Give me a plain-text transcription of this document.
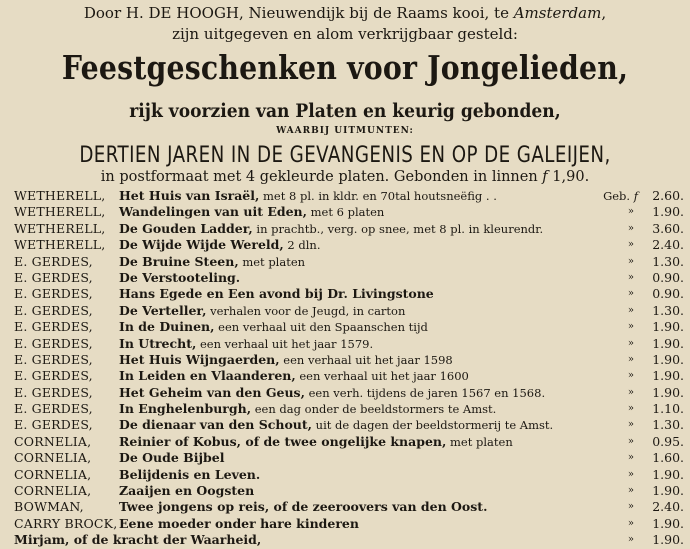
Door H. DE HOOGH, Nieuwendijk bij de Raams kooi, te Amsterdam,
zijn uitgegeven en alom verkrijgbaar gesteld:
Feestgeschenken voor Jongelieden,
rijk voorzien van Platen en keurig gebonden,
WAARBIJ UITMUNTEN:
DERTIEN JAREN IN DE GEVANGENIS EN OP DE GALEIJEN,
in postformaat met 4 gekleurde platen. Gebonden in linnen f 1,90.
WETHERELL, Het Huis van Israël, met 8 pl. in kldr. en 70tal houtsneëfig . .	Geb. f	2.60.
WETHERELL, Wandelingen van uit Eden, met 6 platen	»	1.90.
WETHERELL, De Gouden Ladder, in prachtb., verg. op snee, met 8 pl. in kleurendr.	»	3.60.
WETHERELL, De Wijde Wijde Wereld, 2 dln.	»	2.40.
E. GERDES, De Bruine Steen, met platen	»	1.30.
E. GERDES, De Verstooteling.	»	0.90.
E. GERDES, Hans Egede en Een avond bij Dr. Livingstone	»	0.90.
E. GERDES, De Verteller, verhalen voor de Jeugd, in carton	»	1.30.
E. GERDES, In de Duinen, een verhaal uit den Spaanschen tijd	»	1.90.
E. GERDES, In Utrecht, een verhaal uit het jaar 1579.	»	1.90.
E. GERDES, Het Huis Wijngaerden, een verhaal uit het jaar 1598	»	1.90.
E. GERDES, In Leiden en Vlaanderen, een verhaal uit het jaar 1600	»	1.90.
E. GERDES, Het Geheim van den Geus, een verh. tijdens de jaren 1567 en 1568.	»	1.90.
E. GERDES, In Enghelenburgh, een dag onder de beeldstormers te Amst.	»	1.10.
E. GERDES, De dienaar van den Schout, uit de dagen der beeldstormerij te Amst.	»	1.30.
CORNELIA, Reinier of Kobus, of de twee ongelijke knapen, met platen	»	0.95.
CORNELIA, De Oude Bijbel	»	1.60.
CORNELIA, Belijdenis en Leven.	»	1.90.
CORNELIA, Zaaijen en Oogsten	»	1.90.
BOWMAN,	Twee jongens op reis, of de zeeroovers van den Oost.	»	2.40.
CARRY BROCK, Eene moeder onder hare kinderen	»	1.90.
Mirjam, of de kracht der Waarheid,	»	1.90.
